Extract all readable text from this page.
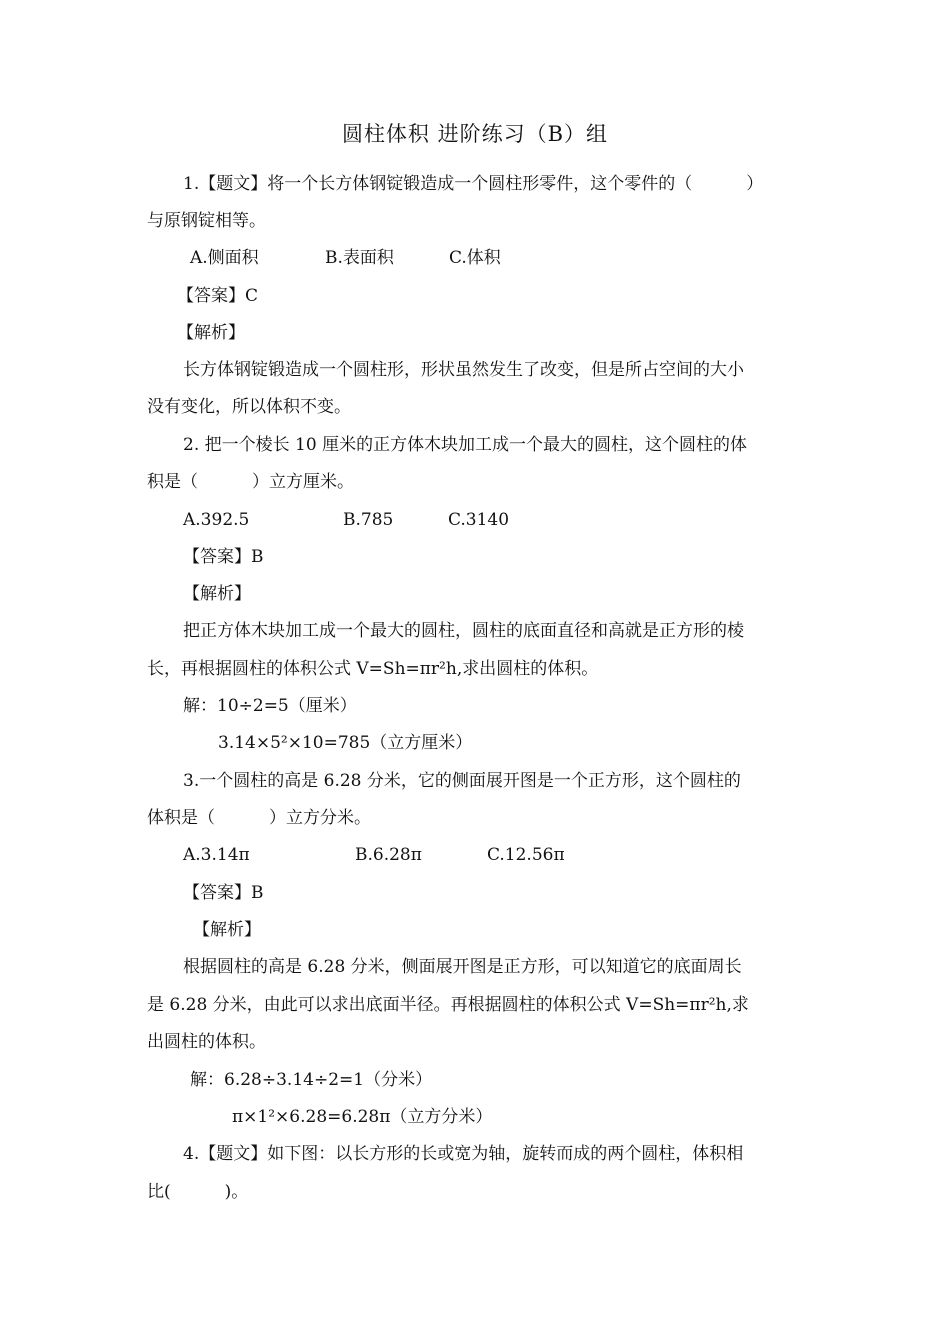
圆柱体积 进阶练习（B）组
1.【题文】将一个长方体钢锭锻造成一个圆柱形零件，这个零件的（          ）
与原钢锭相等。
A.侧面积	B.表面积	C.体积
【答案】C
【解析】
长方体钢锭锻造成一个圆柱形，形状虽然发生了改变，但是所占空间的大小
没有变化，所以体积不变。
2. 把一个棱长 10 厘米的正方体木块加工成一个最大的圆柱，这个圆柱的体
积是（          ）立方厘米。
A.392.5	B.785	C.3140
【答案】B
【解析】
把正方体木块加工成一个最大的圆柱，圆柱的底面直径和高就是正方形的棱
长，再根据圆柱的体积公式 V=Sh=πr²h,求出圆柱的体积。
解：10÷2=5（厘米）
3.14×5²×10=785（立方厘米）
3.一个圆柱的高是 6.28 分米，它的侧面展开图是一个正方形，这个圆柱的
体积是（          ）立方分米。
A.3.14π	B.6.28π	C.12.56π
【答案】B
【解析】
根据圆柱的高是 6.28 分米，侧面展开图是正方形，可以知道它的底面周长
是 6.28 分米，由此可以求出底面半径。再根据圆柱的体积公式 V=Sh=πr²h,求
出圆柱的体积。
解：6.28÷3.14÷2=1（分米）
π×1²×6.28=6.28π（立方分米）
4.【题文】如下图：以长方形的长或宽为轴，旋转而成的两个圆柱，体积相
比(          )。
